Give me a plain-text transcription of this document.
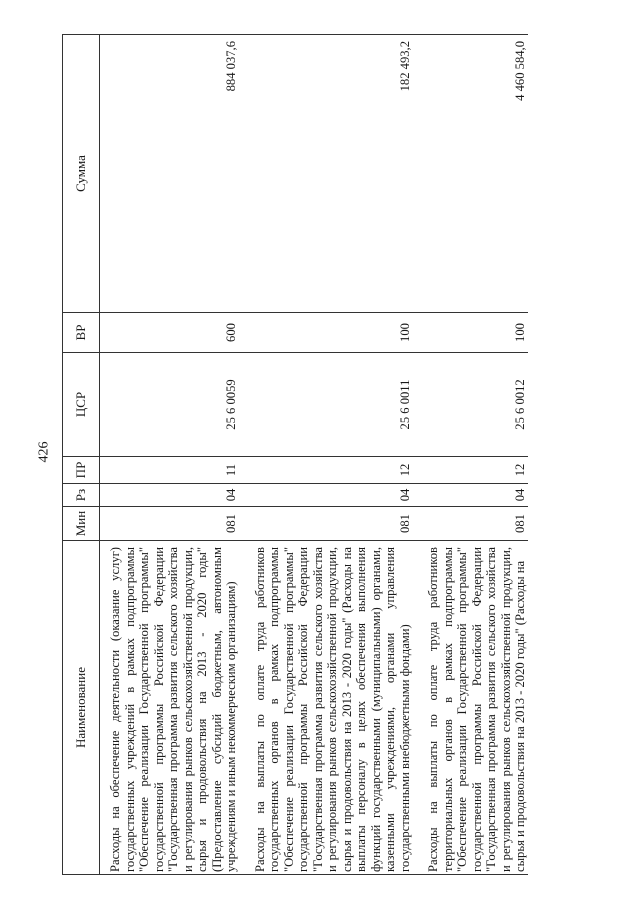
426
Наименование	Мин	Рз	ПР	ЦСР	ВР	Сумма
Расходы на обеспечение деятельности (оказание услуг) государственных учреждений в рамках подпрограммы "Обеспечение реализации Государственной программы" государственной программы Российской Федерации "Государственная программа развития сельского хозяйства и регулирования рынков сельскохозяйственной продукции, сырья и продовольствия на 2013 - 2020 годы" (Предоставление субсидий бюджетным, автономным учреждениям и иным некоммерческим организациям)	081	04	11	25 6 0059	600	884 037,6
Расходы на выплаты по оплате труда работников государственных органов в рамках подпрограммы "Обеспечение реализации Государственной программы" государственной программы Российской Федерации "Государственная программа развития сельского хозяйства и регулирования рынков сельскохозяйственной продукции, сырья и продовольствия на 2013 - 2020 годы" (Расходы на выплаты персоналу в целях обеспечения выполнения функций государственными (муниципальными) органами, казенными учреждениями, органами управления государственными внебюджетными фондами)	081	04	12	25 6 0011	100	182 493,2
Расходы на выплаты по оплате труда работников территориальных органов в рамках подпрограммы "Обеспечение реализации Государственной программы" государственной программы Российской Федерации "Государственная программа развития сельского хозяйства и регулирования рынков сельскохозяйственной продукции, сырья и продовольствия на 2013 - 2020 годы" (Расходы на	081	04	12	25 6 0012	100	4 460 584,0
